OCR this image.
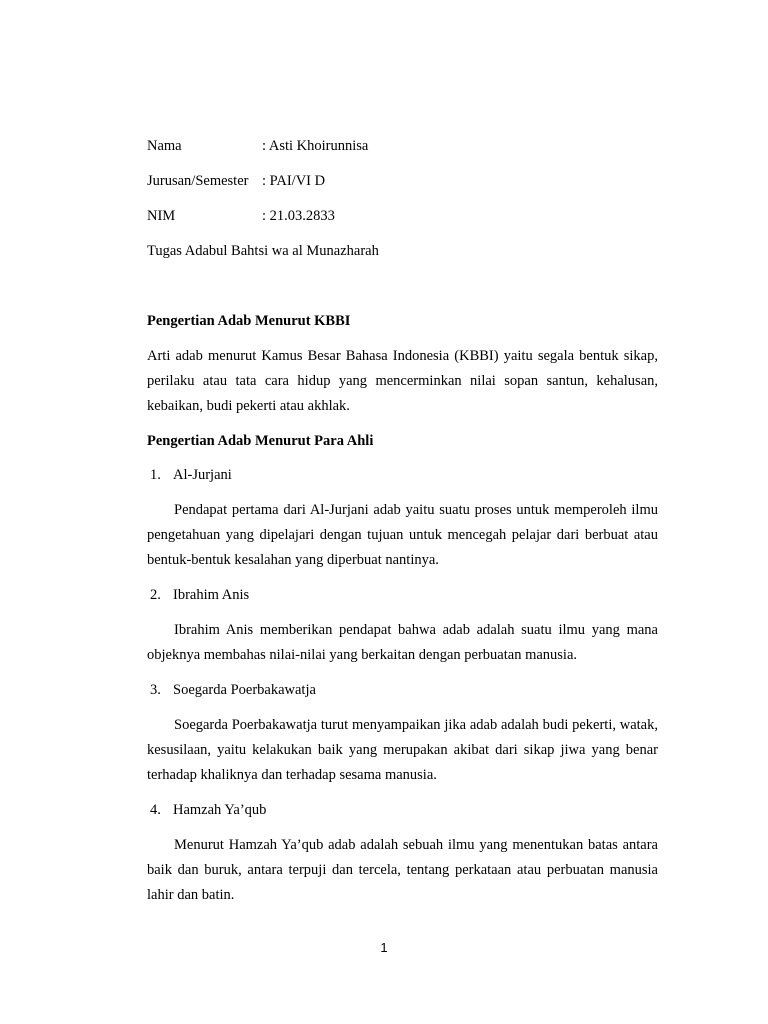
Nama	: Asti Khoirunnisa
Jurusan/Semester : PAI/VI D
NIM	: 21.03.2833
Tugas Adabul Bahtsi wa al Munazharah
Pengertian Adab Menurut KBBI

Arti adab menurut Kamus Besar Bahasa Indonesia (KBBI) yaitu segala bentuk sikap, perilaku atau tata cara hidup yang mencerminkan nilai sopan santun, kehalusan, kebaikan, budi pekerti atau akhlak.

Pengertian Adab Menurut Para Ahli
1. Al-Jurjani

Pendapat pertama dari Al-Jurjani adab yaitu suatu proses untuk memperoleh ilmu pengetahuan yang dipelajari dengan tujuan untuk mencegah pelajar dari berbuat atau bentuk-bentuk kesalahan yang diperbuat nantinya.

2. Ibrahim Anis

Ibrahim Anis memberikan pendapat bahwa adab adalah suatu ilmu yang mana objeknya membahas nilai-nilai yang berkaitan dengan perbuatan manusia.

3. Soegarda Poerbakawatja

Soegarda Poerbakawatja turut menyampaikan jika adab adalah budi pekerti, watak, kesusilaan, yaitu kelakukan baik yang merupakan akibat dari sikap jiwa yang benar terhadap khaliknya dan terhadap sesama manusia.

4. Hamzah Ya’qub

Menurut Hamzah Ya’qub adab adalah sebuah ilmu yang menentukan batas antara baik dan buruk, antara terpuji dan tercela, tentang perkataan atau perbuatan manusia lahir dan batin.

1
